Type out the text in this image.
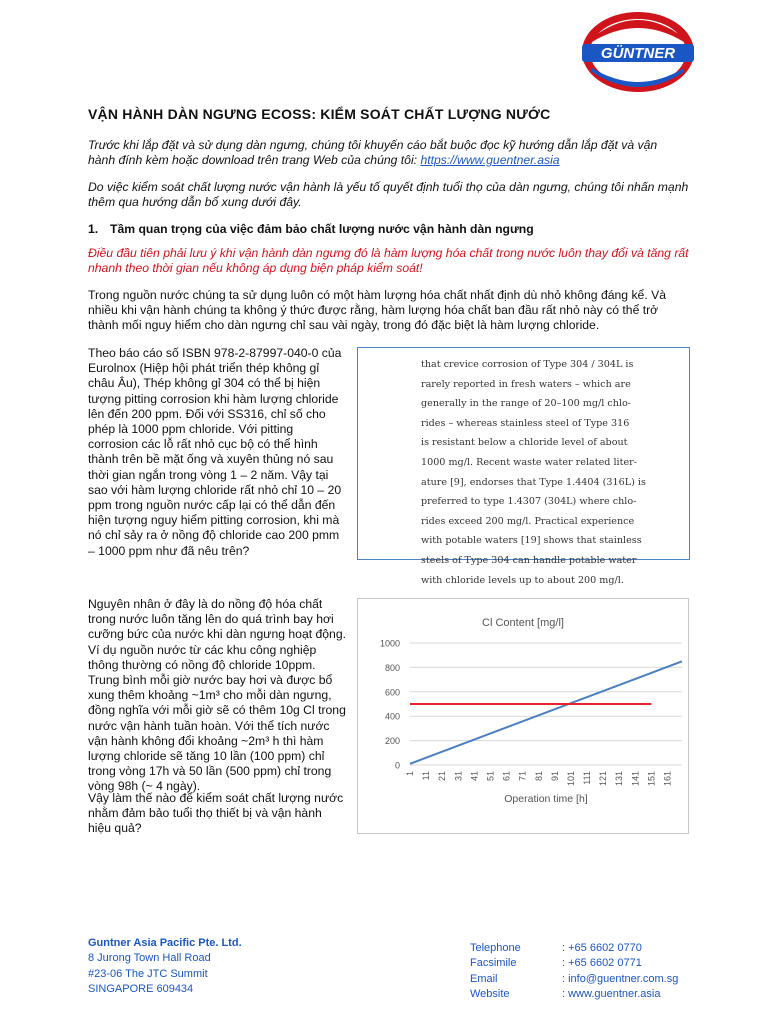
GÜNTNER
VẬN HÀNH DÀN NGƯNG ECOSS: KIỂM SOÁT CHẤT LƯỢNG NƯỚC
Trước khi lắp đặt và sử dụng dàn ngưng, chúng tôi khuyến cáo bắt buộc đọc kỹ hướng dẫn lắp đặt và vận
hành đính kèm hoặc download trên trang Web của chúng tôi: https://www.guentner.asia
Do việc kiểm soát chất lượng nước vận hành là yếu tố quyết định tuổi thọ của dàn ngưng, chúng tôi nhấn mạnh thêm qua hướng dẫn bổ xung dưới đây.
1. Tầm quan trọng của việc đảm bảo chất lượng nước vận hành dàn ngưng
Điều đầu tiên phải lưu ý khi vận hành dàn ngưng đó là hàm lượng hóa chất trong nước luôn thay đổi và tăng rất nhanh theo thời gian nếu không áp dụng biện pháp kiểm soát!
Trong nguồn nước chúng ta sử dụng luôn có một hàm lượng hóa chất nhất định dù nhỏ không đáng kể. Và nhiều khi vận hành chúng ta không ý thức được rằng, hàm lượng hóa chất ban đầu rất nhỏ này có thể trở thành mối nguy hiểm cho dàn ngưng chỉ sau vài ngày, trong đó đặc biệt là hàm lượng chloride.
Theo báo cáo số ISBN 978-2-87997-040-0 của Eurolnox (Hiệp hội phát triển thép không gỉ châu Âu), Thép không gỉ 304 có thể bị hiện tượng pitting corrosion khi hàm lượng chloride lên đến 200 ppm. Đối với SS316, chỉ số cho phép là 1000 ppm chloride. Với pitting corrosion các lỗ rất nhỏ cục bộ có thể hình thành trên bề mặt ống và xuyên thủng nó sau thời gian ngắn trong vòng 1 – 2 năm. Vậy tại sao với hàm lượng chloride rất nhỏ chỉ 10 – 20 ppm trong nguồn nước cấp lại có thể dẫn đến hiện tượng nguy hiểm pitting corrosion, khi mà nó chỉ sảy ra ở nồng độ chloride cao 200 pmm – 1000 ppm như đã nêu trên?
that crevice corrosion of Type 304 / 304L is
rarely reported in fresh waters – which are
generally in the range of 20–100 mg/l chlo-
rides – whereas stainless steel of Type 316
is resistant below a chloride level of about
1000 mg/l. Recent waste water related liter-
ature [9], endorses that Type 1.4404 (316L) is
preferred to type 1.4307 (304L) where chlo-
rides exceed 200 mg/l. Practical experience
with potable waters [19] shows that stainless
steels of Type 304 can handle potable water
with chloride levels up to about 200 mg/l.
Nguyên nhân ở đây là do nồng độ hóa chất trong nước luôn tăng lên do quá trình bay hơi cưỡng bức của nước khi dàn ngưng hoạt động. Ví dụ nguồn nước từ các khu công nghiệp thông thường có nồng độ chloride 10ppm. Trung bình mỗi giờ nước bay hơi và được bổ xung thêm khoảng ~1m³ cho mỗi dàn ngưng, đồng nghĩa với mỗi giờ sẽ có thêm 10g Cl trong nước vận hành tuần hoàn. Với thể tích nước vận hành không đổi khoảng ~2m³ h thì hàm lượng chloride sẽ tăng 10 lần (100 ppm) chỉ trong vòng 17h và 50 lần (500 ppm) chỉ trong vòng 98h (~ 4 ngày).
Vậy làm thế nào để kiểm soát chất lượng nước nhằm đảm bảo tuổi thọ thiết bị và vận hành hiệu quả?
Cl Content [mg/l]
0
200
400
600
800
1000
1 11 21 31 41 51 61 71 81 91 101 111 121 131 141 151 161
Operation time [h]
Guntner Asia Pacific Pte. Ltd.
8 Jurong Town Hall Road
#23-06 The JTC Summit
SINGAPORE 609434
Telephone	: +65 6602 0770
Facsimile	: +65 6602 0771
Email	: info@guentner.com.sg
Website	: www.guentner.asia
